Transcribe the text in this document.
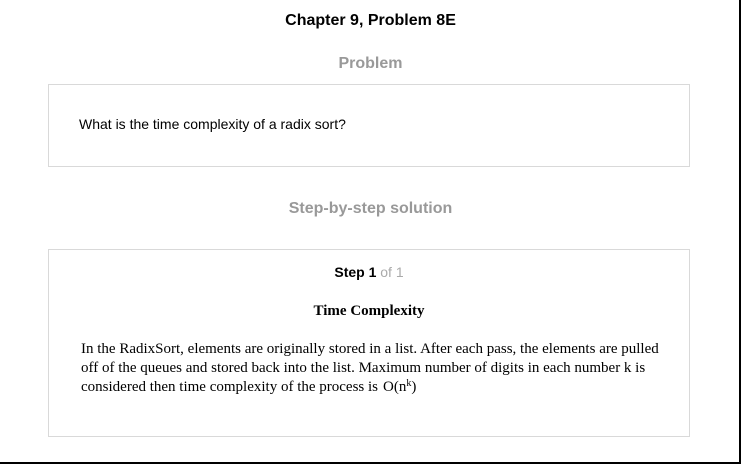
Chapter 9, Problem 8E
Problem
What is the time complexity of a radix sort?
Step-by-step solution
Step 1 of 1
Time Complexity
In the RadixSort, elements are originally stored in a list. After each pass, the elements are pulled off of the queues and stored back into the list. Maximum number of digits in each number k is considered then time complexity of the process is $O(n^k)$
